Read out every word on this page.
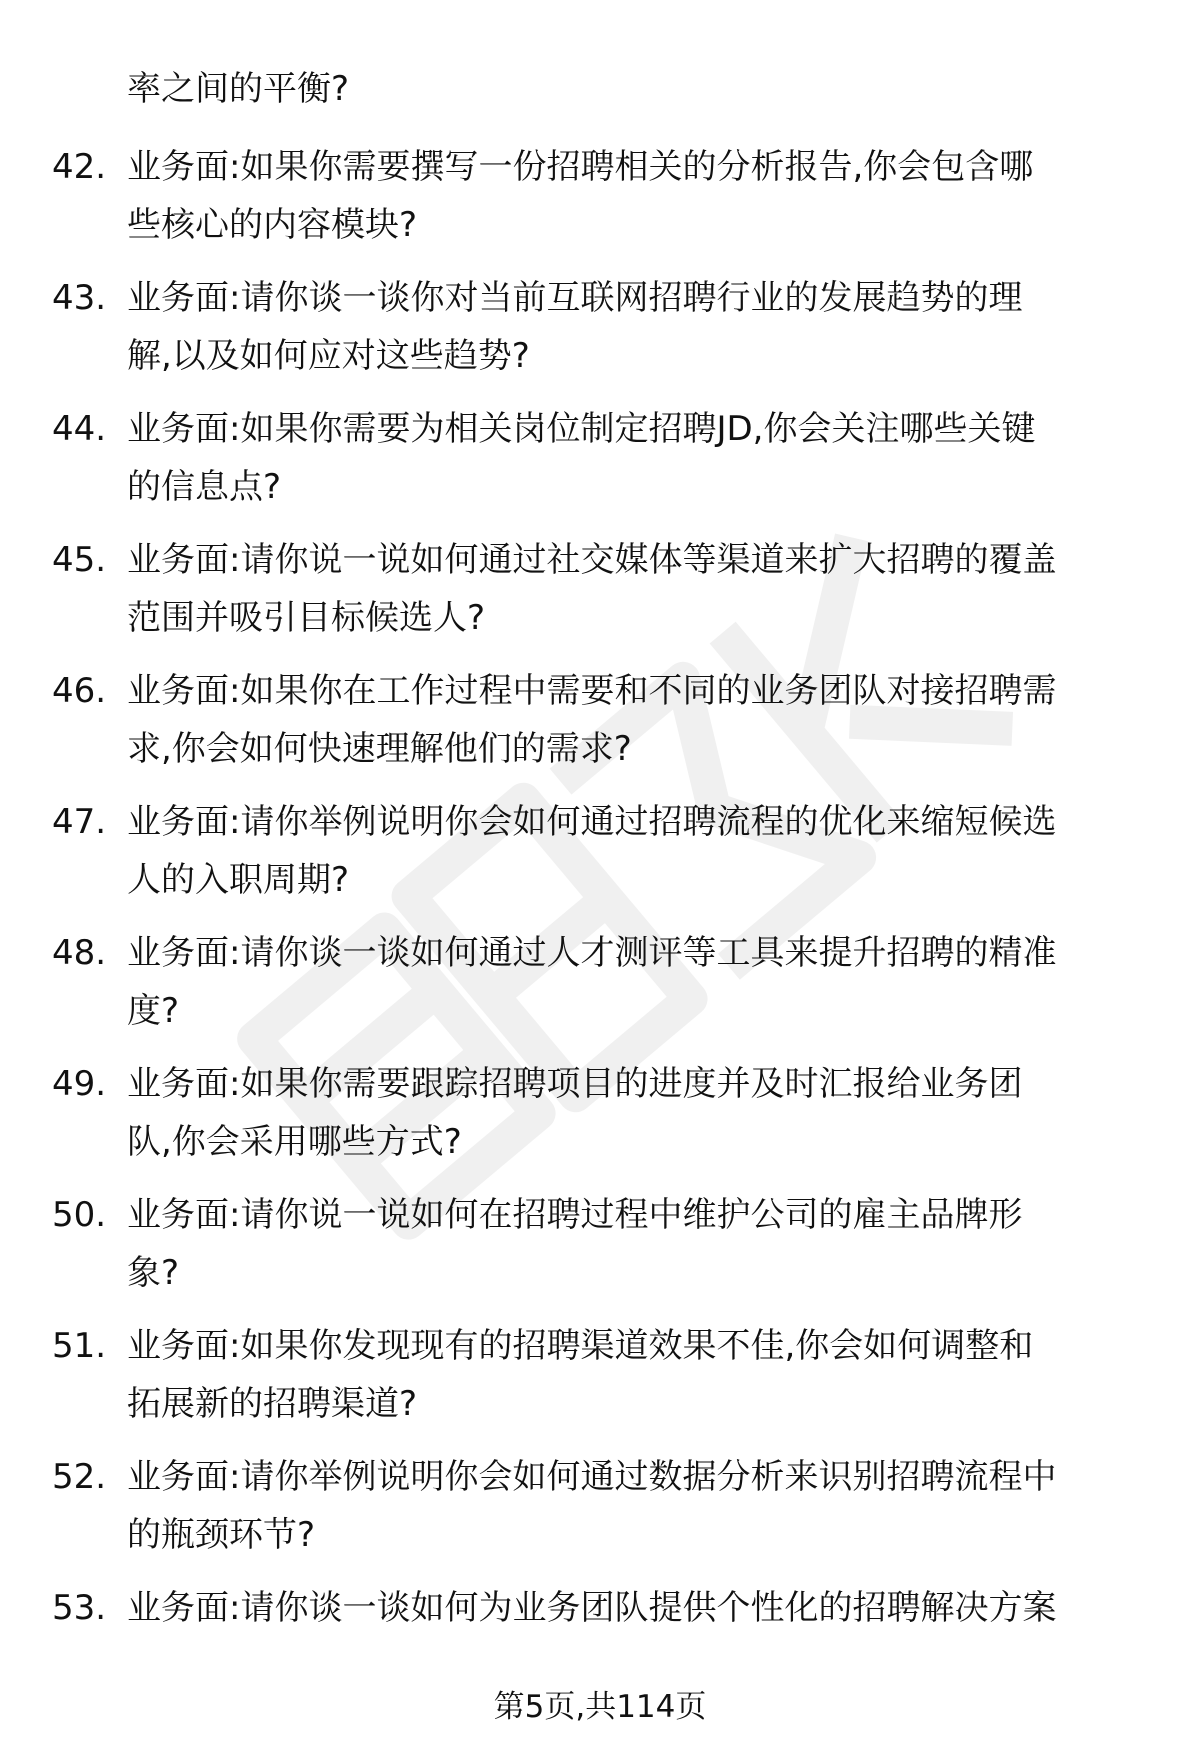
率之间的平衡?
42. 业务面:如果你需要撰写一份招聘相关的分析报告,你会包含哪
些核心的内容模块?
43. 业务面:请你谈一谈你对当前互联网招聘行业的发展趋势的理
解,以及如何应对这些趋势?
44. 业务面:如果你需要为相关岗位制定招聘JD,你会关注哪些关键
的信息点?
45. 业务面:请你说一说如何通过社交媒体等渠道来扩大招聘的覆盖
范围并吸引目标候选人?
46. 业务面:如果你在工作过程中需要和不同的业务团队对接招聘需
求,你会如何快速理解他们的需求?
47. 业务面:请你举例说明你会如何通过招聘流程的优化来缩短候选
人的入职周期?
48. 业务面:请你谈一谈如何通过人才测评等工具来提升招聘的精准
度?
49. 业务面:如果你需要跟踪招聘项目的进度并及时汇报给业务团
队,你会采用哪些方式?
50. 业务面:请你说一说如何在招聘过程中维护公司的雇主品牌形
象?
51. 业务面:如果你发现现有的招聘渠道效果不佳,你会如何调整和
拓展新的招聘渠道?
52. 业务面:请你举例说明你会如何通过数据分析来识别招聘流程中
的瓶颈环节?
53. 业务面:请你谈一谈如何为业务团队提供个性化的招聘解决方案
第5页,共114页
